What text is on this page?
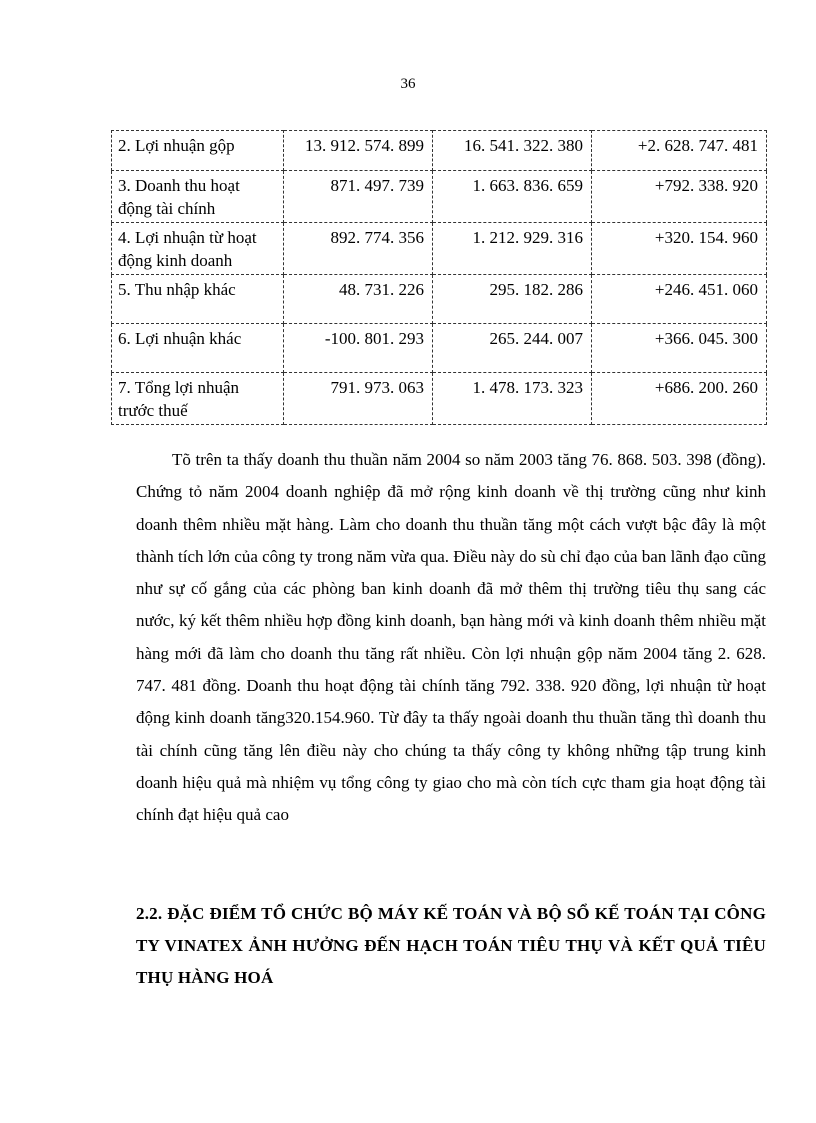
36
2. Lợi nhuận gộp	13. 912. 574. 899	16. 541. 322. 380	+2. 628. 747. 481
3. Doanh thu hoạt động tài chính	871. 497. 739	1. 663. 836. 659	+792. 338. 920
4. Lợi nhuận từ hoạt động kinh doanh	892. 774. 356	1. 212. 929. 316	+320. 154. 960
5. Thu nhập khác	48. 731. 226	295. 182. 286	+246. 451. 060
6. Lợi nhuận khác	-100. 801. 293	265. 244. 007	+366. 045. 300
7. Tổng lợi nhuận trước thuế	791. 973. 063	1. 478. 173. 323	+686. 200. 260

Tõ trên ta thấy doanh thu thuần năm 2004 so năm 2003 tăng 76. 868. 503. 398 (đồng). Chứng tỏ năm 2004 doanh nghiệp đã mở rộng kinh doanh về thị trường cũng như kinh doanh thêm nhiều mặt hàng. Làm cho doanh thu thuần tăng một cách vượt bậc đây là một thành tích lớn của công ty trong năm vừa qua. Điều này do sù chỉ đạo của ban lãnh đạo cũng như sự cố gắng của các phòng ban kinh doanh đã mở thêm thị trường tiêu thụ sang các nước, ký kết thêm nhiều hợp đồng kinh doanh, bạn hàng mới và kinh doanh thêm nhiều mặt hàng mới đã làm cho doanh thu tăng rất nhiều. Còn lợi nhuận gộp năm 2004 tăng 2. 628. 747. 481 đồng. Doanh thu hoạt động tài chính tăng 792. 338. 920 đồng, lợi nhuận từ hoạt động kinh doanh tăng320.154.960. Từ đây ta thấy ngoài doanh thu thuần tăng thì doanh thu tài chính cũng tăng lên điều này cho chúng ta thấy công ty không những tập trung kinh doanh hiệu quả mà nhiệm vụ tổng công ty giao cho mà còn tích cực tham gia hoạt động tài chính đạt hiệu quả cao

2.2. ĐẶC ĐIỂM TỔ CHỨC BỘ MÁY KẾ TOÁN VÀ BỘ SỔ KẾ TOÁN TẠI CÔNG TY VINATEX ẢNH HƯỞNG ĐẾN HẠCH TOÁN TIÊU THỤ VÀ KẾT QUẢ TIÊU THỤ HÀNG HOÁ
